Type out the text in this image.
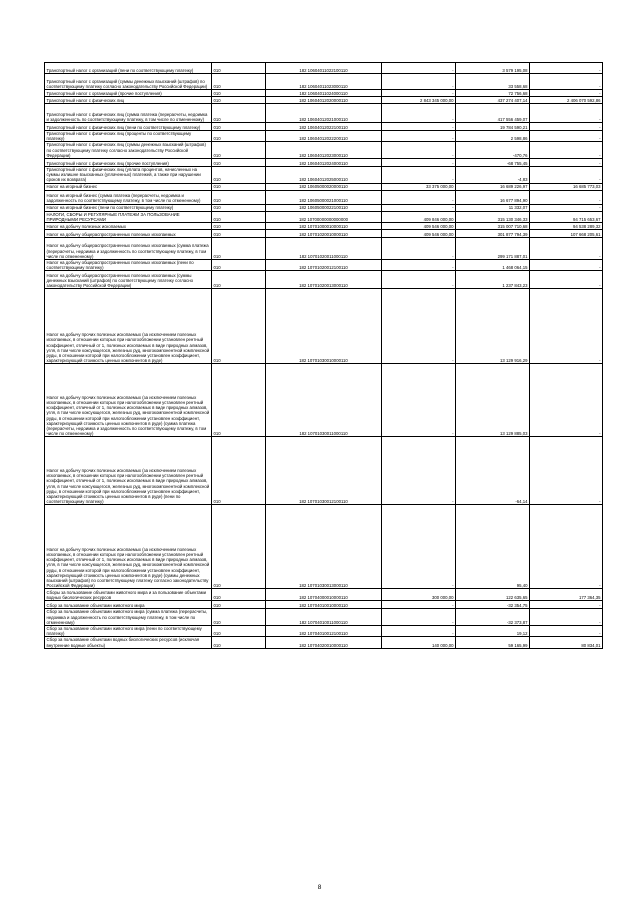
Транспортный налог с организаций (пени по соответствующему платежу)	010	182 10604011022100110	-	3 579 195,08	-
Транспортный налог с организаций (суммы денежных взысканий (штрафов) по соответствующему платежу согласно законодательству Российской Федерации)	010	182 10604011023000110	-	33 558,68	-
Транспортный налог с организаций (прочие поступления)	010	182 10604011024000110	-	72 756,68	-
Транспортный налог с физических лиц	010	182 10604012020000110	2 843 345 000,00	437 274 407,14	2 406 070 592,86
Транспортный налог с физических лиц (сумма платежа (перерасчеты, недоимка и задолженность по соответствующему платежу, в том числе по отмененному)	010	182 10604012021000110	-	417 556 459,07	-
Транспортный налог с физических лиц (пени по соответствующему платежу)	010	182 10604012022100110	-	19 784 590,21	-
Транспортный налог с физических лиц (проценты по соответствующему платежу)	010	182 10604012022200110	-	2 598,86	-
Транспортный налог с физических лиц (суммы денежных взысканий (штрафов) по соответствующему платежу согласно законодательству Российской Федерации)	010	182 10604012023000110	-	-470,76	-
Транспортный налог с физических лиц (прочие поступления)	010	182 10604012024000110	-	-68 755,45	-
Транспортный налог с физических лиц (уплата процентов, начисленных на суммы излишне взысканных (уплаченных) платежей, а также при нарушении сроков их возврата)	010	182 10604012025000110	-	-4,83	-
Налог на игорный бизнес	010	182 10605000020000110	33 375 000,00	16 689 226,97	16 685 773,03
Налог на игорный бизнес (сумма платежа (перерасчеты, недоимка и задолженность по соответствующему платежу, в том числе по отмененному)	010	182 10605000021000110	-	16 677 894,90	-
Налог на игорный бизнес (пени по соответствующему платежу)	010	182 10605000022100110	-	11 332,07	-
НАЛОГИ, СБОРЫ И РЕГУЛЯРНЫЕ ПЛАТЕЖИ ЗА ПОЛЬЗОВАНИЕ ПРИРОДНЫМИ РЕСУРСАМИ	010	182 10700000000000000	409 846 000,00	315 130 346,33	94 715 653,67
Налог на добычу полезных ископаемых	010	182 10701000010000110	409 546 000,00	315 007 710,68	94 538 289,32
Налог на добычу общераспространенных полезных ископаемых	010	182 10701020010000110	409 546 000,00	301 877 794,39	107 668 205,61
Налог на добычу общераспространенных полезных ископаемых (сумма платежа (перерасчеты, недоимка и задолженность по соответствующему платежу, в том числе по отмененному)	010	182 10701020011000110	-	299 171 887,01	-
Налог на добычу общераспространенных полезных ископаемых (пени по соответствующему платежу)	010	182 10701020012100110	-	1 468 064,15	-
Налог на добычу общераспространенных полезных ископаемых (суммы денежных взысканий (штрафов) по соответствующему платежу согласно законодательству Российской Федерации)	010	182 10701020013000110	-	1 237 843,23	-
Налог на добычу прочих полезных ископаемых (за исключением полезных ископаемых, в отношении которых при налогообложении установлен рентный коэффициент, отличный от 1, полезных ископаемых в виде природных алмазов, угля, в том числе коксующегося, железных руд, многокомпонентной комплексной руды, в отношении которой при налогообложении установлен коэффициент, характеризующий стоимость ценных компонентов в руде)	010	182 10701030010000110	-	13 129 916,29	-
Налог на добычу прочих полезных ископаемых (за исключением полезных ископаемых, в отношении которых при налогообложении установлен рентный коэффициент, отличный от 1, полезных ископаемых в виде природных алмазов, угля, в том числе коксующегося, железных руд, многокомпонентной комплексной руды, в отношении которой при налогообложении установлен коэффициент, характеризующий стоимость ценных компонентов в руде) (сумма платежа (перерасчеты, недоимка и задолженность по соответствующему платежу, в том числе по отмененному)	010	182 10701030011000110	-	13 129 885,03	-
Налог на добычу прочих полезных ископаемых (за исключением полезных ископаемых, в отношении которых при налогообложении установлен рентный коэффициент, отличный от 1, полезных ископаемых в виде природных алмазов, угля, в том числе коксующегося, железных руд, многокомпонентной комплексной руды, в отношении которой при налогообложении установлен коэффициент, характеризующий стоимость ценных компонентов в руде) (пени по соответствующему платежу)	010	182 10701030012100110	-	-64,14	-
Налог на добычу прочих полезных ископаемых (за исключением полезных ископаемых, в отношении которых при налогообложении установлен рентный коэффициент, отличный от 1, полезных ископаемых в виде природных алмазов, угля, в том числе коксующегося, железных руд, многокомпонентной комплексной руды, в отношении которой при налогообложении установлен коэффициент, характеризующий стоимость ценных компонентов в руде) (суммы денежных взысканий (штрафов) по соответствующему платежу согласно законодательству Российской Федерации)	010	182 10701030013000110	-	95,40	-
Сборы за пользование объектами животного мира и за пользование объектами водных биологических ресурсов	010	182 10704000010000110	300 000,00	122 635,65	177 364,35
Сбор за пользование объектами животного мира	010	182 10704010010000110	-	-32 354,75	-
Сбор за пользование объектами животного мира (сумма платежа (перерасчеты, недоимка и задолженность по соответствующему платежу, в том числе по отмененному)	010	182 10704010011000110	-	-32 373,87	-
Сбор за пользование объектами животного мира (пени по соответствующему платежу)	010	182 10704010012100110	-	19,12	-
Сбор за пользование объектами водных биологических ресурсов (исключая внутренние водные объекты)	010	182 10704020010000110	140 000,00	59 165,99	80 834,01
8
